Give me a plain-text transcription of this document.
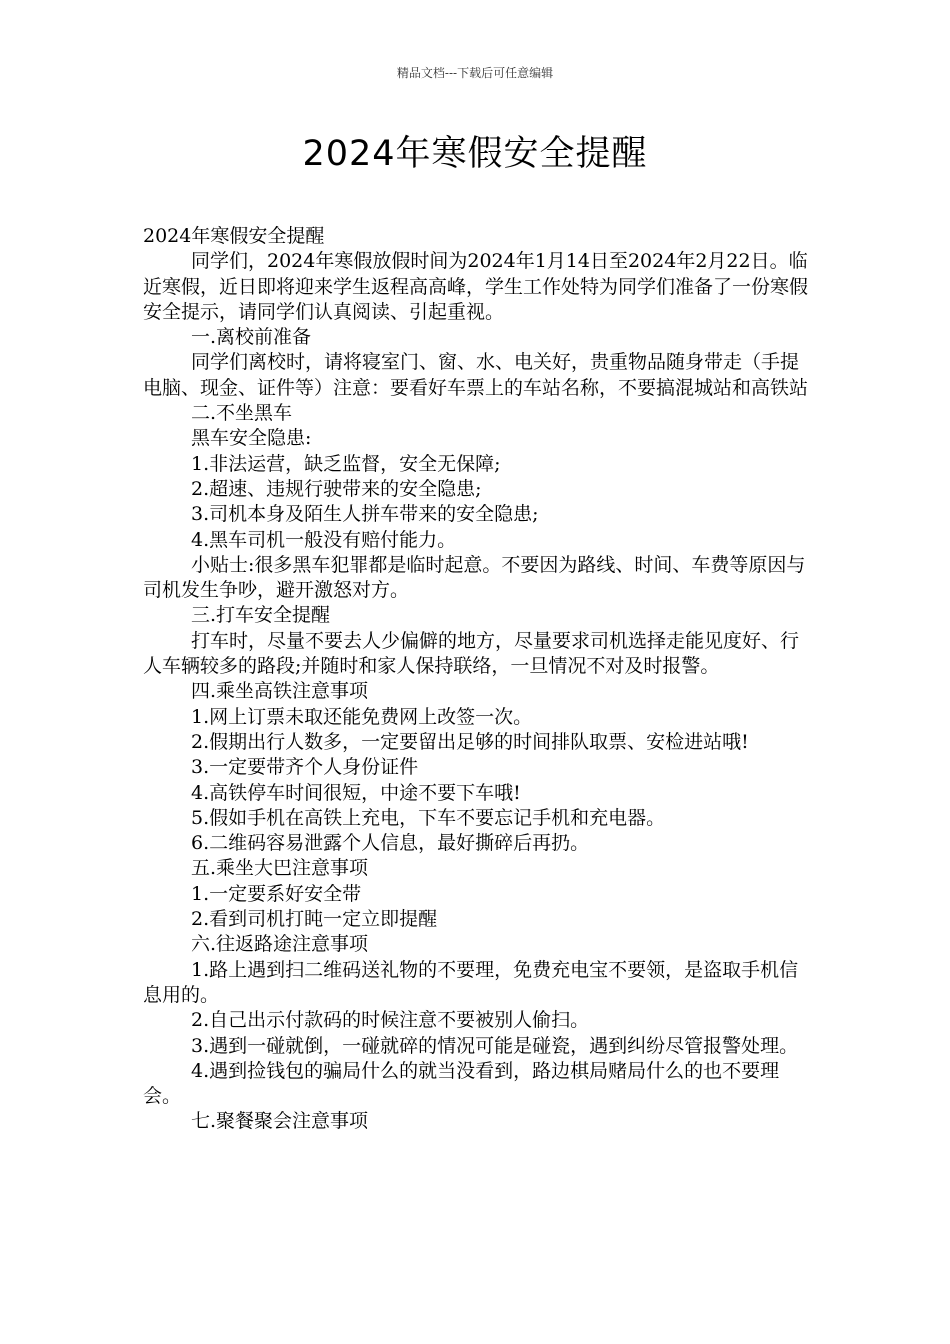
精品文档---下载后可任意编辑
2024年寒假安全提醒

2024年寒假安全提醒

同学们，2024年寒假放假时间为2024年1月14日至2024年2月22日。临近寒假，近日即将迎来学生返程高高峰，学生工作处特为同学们准备了一份寒假安全提示，请同学们认真阅读、引起重视。

一.离校前准备

同学们离校时，请将寝室门、窗、水、电关好，贵重物品随身带走（手提电脑、现金、证件等）注意：要看好车票上的车站名称，不要搞混城站和高铁站

二.不坐黑车

黑车安全隐患:

1.非法运营，缺乏监督，安全无保障;

2.超速、违规行驶带来的安全隐患;

3.司机本身及陌生人拼车带来的安全隐患;

4.黑车司机一般没有赔付能力。

小贴士:很多黑车犯罪都是临时起意。不要因为路线、时间、车费等原因与司机发生争吵，避开激怒对方。

三.打车安全提醒

打车时，尽量不要去人少偏僻的地方，尽量要求司机选择走能见度好、行人车辆较多的路段;并随时和家人保持联络，一旦情况不对及时报警。

四.乘坐高铁注意事项

1.网上订票未取还能免费网上改签一次。

2.假期出行人数多，一定要留出足够的时间排队取票、安检进站哦!

3.一定要带齐个人身份证件

4.高铁停车时间很短，中途不要下车哦!

5.假如手机在高铁上充电，下车不要忘记手机和充电器。

6.二维码容易泄露个人信息，最好撕碎后再扔。

五.乘坐大巴注意事项

1.一定要系好安全带

2.看到司机打盹一定立即提醒

六.往返路途注意事项

1.路上遇到扫二维码送礼物的不要理，免费充电宝不要领，是盗取手机信息用的。

2.自己出示付款码的时候注意不要被别人偷扫。

3.遇到一碰就倒，一碰就碎的情况可能是碰瓷，遇到纠纷尽管报警处理。

4.遇到捡钱包的骗局什么的就当没看到，路边棋局赌局什么的也不要理会。

七.聚餐聚会注意事项
